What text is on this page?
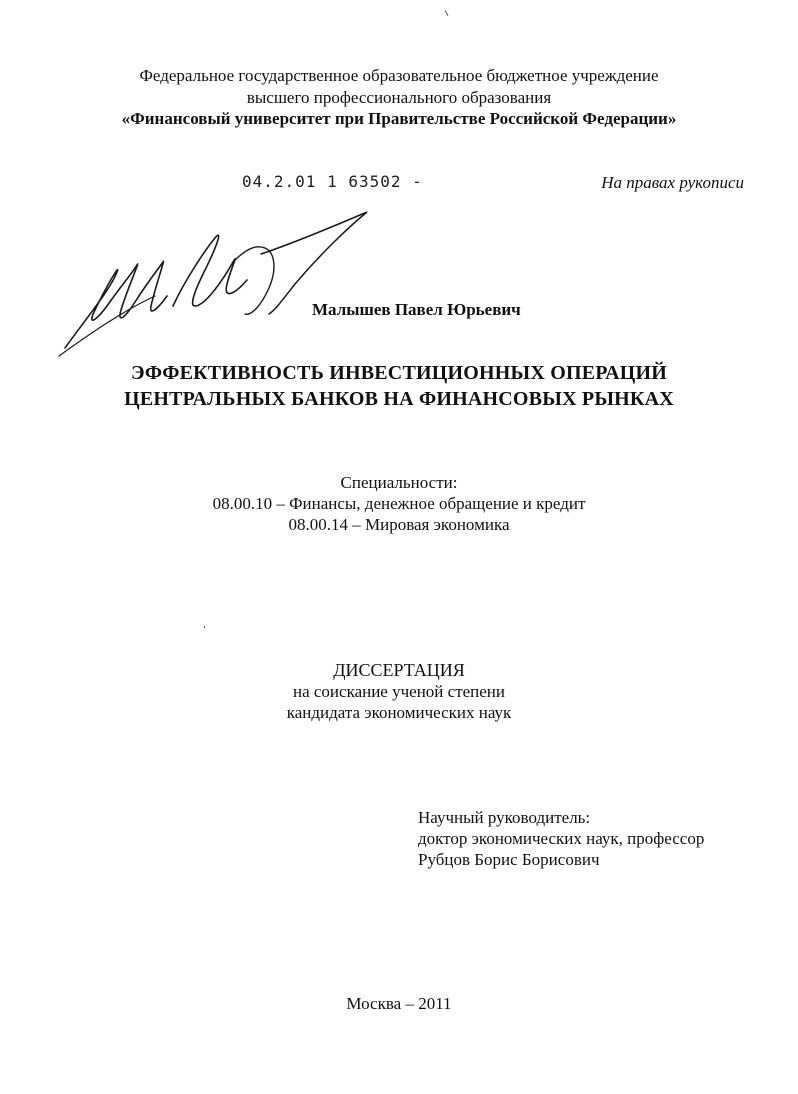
Федеральное государственное образовательное бюджетное учреждение
высшего профессионального образования
«Финансовый университет при Правительстве Российской Федерации»
04.2.01 1 63502 -	На правах рукописи
Малышев Павел Юрьевич
ЭФФЕКТИВНОСТЬ ИНВЕСТИЦИОННЫХ ОПЕРАЦИЙ
ЦЕНТРАЛЬНЫХ БАНКОВ НА ФИНАНСОВЫХ РЫНКАХ
Специальности:
08.00.10 – Финансы, денежное обращение и кредит
08.00.14 – Мировая экономика
ДИССЕРТАЦИЯ
на соискание ученой степени
кандидата экономических наук
Научный руководитель:
доктор экономических наук, профессор
Рубцов Борис Борисович
Москва – 2011
